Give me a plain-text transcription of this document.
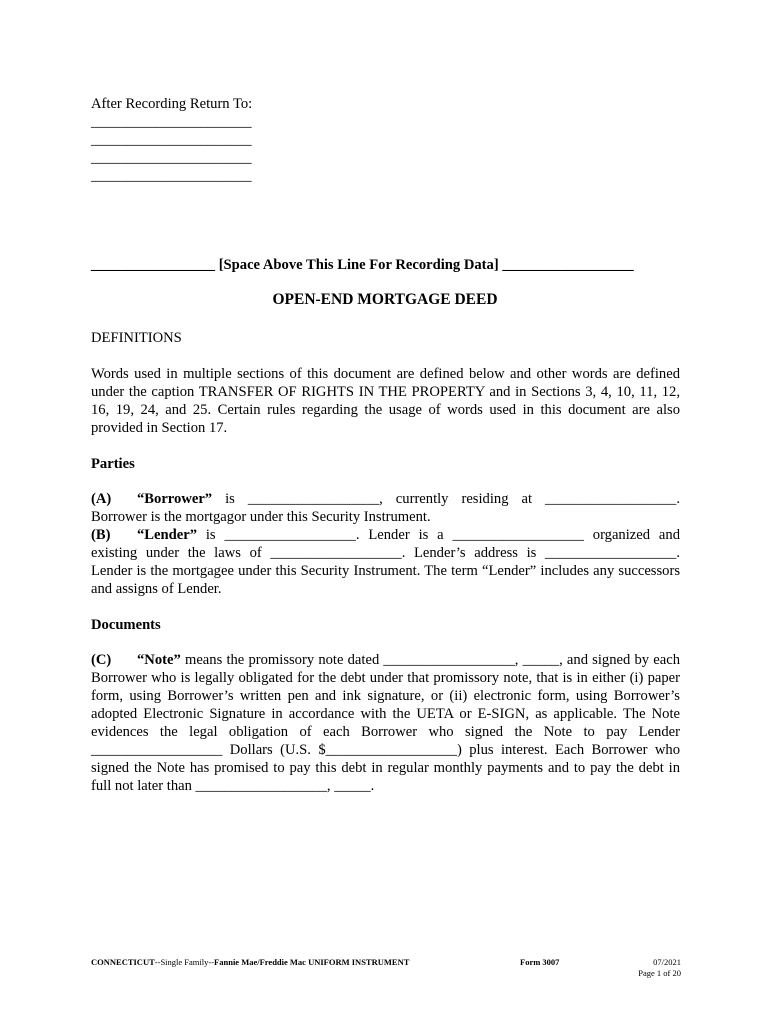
After Recording Return To:
______________________
______________________
______________________
______________________
_________________ [Space Above This Line For Recording Data] __________________
OPEN-END MORTGAGE DEED
DEFINITIONS
Words used in multiple sections of this document are defined below and other words are defined under the caption TRANSFER OF RIGHTS IN THE PROPERTY and in Sections 3, 4, 10, 11, 12, 16, 19, 24, and 25. Certain rules regarding the usage of words used in this document are also provided in Section 17.
Parties
(A) “Borrower” is __________________, currently residing at __________________. Borrower is the mortgagor under this Security Instrument.
(B) “Lender” is __________________. Lender is a __________________ organized and existing under the laws of __________________. Lender’s address is __________________. Lender is the mortgagee under this Security Instrument. The term “Lender” includes any successors and assigns of Lender.
Documents
(C) “Note” means the promissory note dated __________________, _____, and signed by each Borrower who is legally obligated for the debt under that promissory note, that is in either (i) paper form, using Borrower’s written pen and ink signature, or (ii) electronic form, using Borrower’s adopted Electronic Signature in accordance with the UETA or E-SIGN, as applicable. The Note evidences the legal obligation of each Borrower who signed the Note to pay Lender __________________ Dollars (U.S. $__________________) plus interest. Each Borrower who signed the Note has promised to pay this debt in regular monthly payments and to pay the debt in full not later than __________________, _____.
CONNECTICUT--Single Family--Fannie Mae/Freddie Mac UNIFORM INSTRUMENT	Form 3007	07/2021
Page 1 of 20
